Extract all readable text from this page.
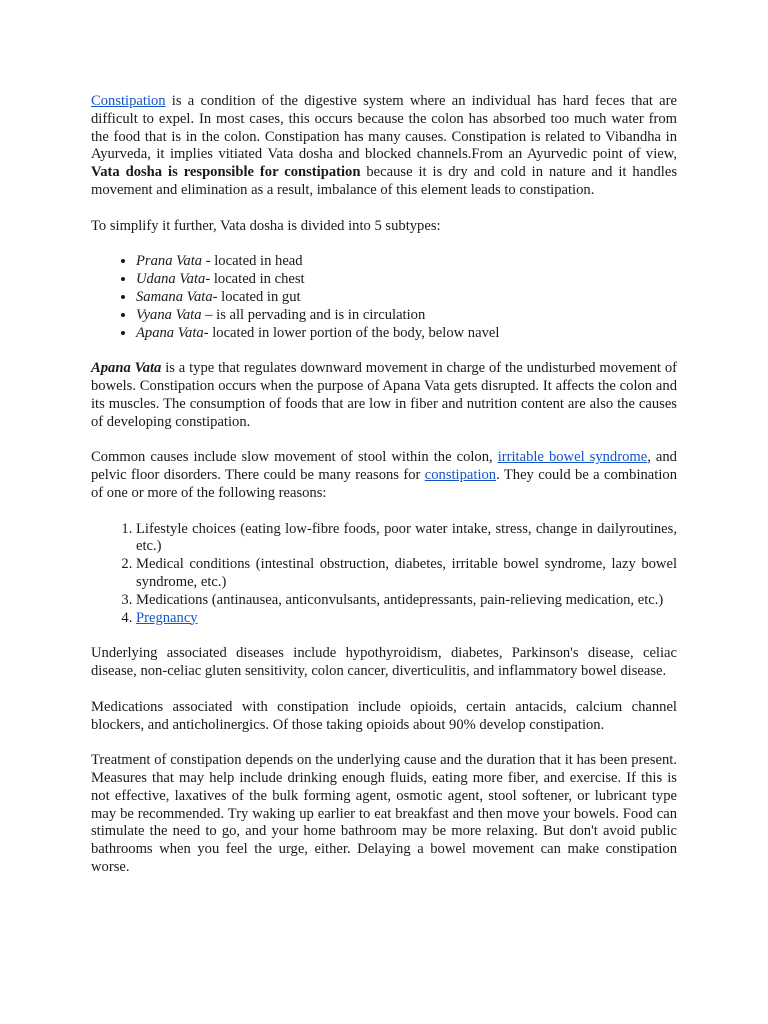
Constipation is a condition of the digestive system where an individual has hard feces that are difficult to expel. In most cases, this occurs because the colon has absorbed too much water from the food that is in the colon. Constipation has many causes. Constipation is related to Vibandha in Ayurveda, it implies vitiated Vata dosha and blocked channels.From an Ayurvedic point of view, Vata dosha is responsible for constipation because it is dry and cold in nature and it handles movement and elimination as a result, imbalance of this element leads to constipation.

To simplify it further, Vata dosha is divided into 5 subtypes:

• Prana Vata - located in head
• Udana Vata- located in chest
• Samana Vata- located in gut
• Vyana Vata – is all pervading and is in circulation
• Apana Vata- located in lower portion of the body, below navel

Apana Vata is a type that regulates downward movement in charge of the undisturbed movement of bowels. Constipation occurs when the purpose of Apana Vata gets disrupted. It affects the colon and its muscles. The consumption of foods that are low in fiber and nutrition content are also the causes of developing constipation.

Common causes include slow movement of stool within the colon, irritable bowel syndrome, and pelvic floor disorders. There could be many reasons for constipation. They could be a combination of one or more of the following reasons:

1. Lifestyle choices (eating low-fibre foods, poor water intake, stress, change in dailyroutines, etc.)
2. Medical conditions (intestinal obstruction, diabetes, irritable bowel syndrome, lazy bowel syndrome, etc.)
3. Medications (antinausea, anticonvulsants, antidepressants, pain-relieving medication, etc.)
4. Pregnancy

Underlying associated diseases include hypothyroidism, diabetes, Parkinson's disease, celiac disease, non-celiac gluten sensitivity, colon cancer, diverticulitis, and inflammatory bowel disease.

Medications associated with constipation include opioids, certain antacids, calcium channel blockers, and anticholinergics. Of those taking opioids about 90% develop constipation.

Treatment of constipation depends on the underlying cause and the duration that it has been present. Measures that may help include drinking enough fluids, eating more fiber, and exercise. If this is not effective, laxatives of the bulk forming agent, osmotic agent, stool softener, or lubricant type may be recommended. Try waking up earlier to eat breakfast and then move your bowels. Food can stimulate the need to go, and your home bathroom may be more relaxing. But don't avoid public bathrooms when you feel the urge, either. Delaying a bowel movement can make constipation worse.
